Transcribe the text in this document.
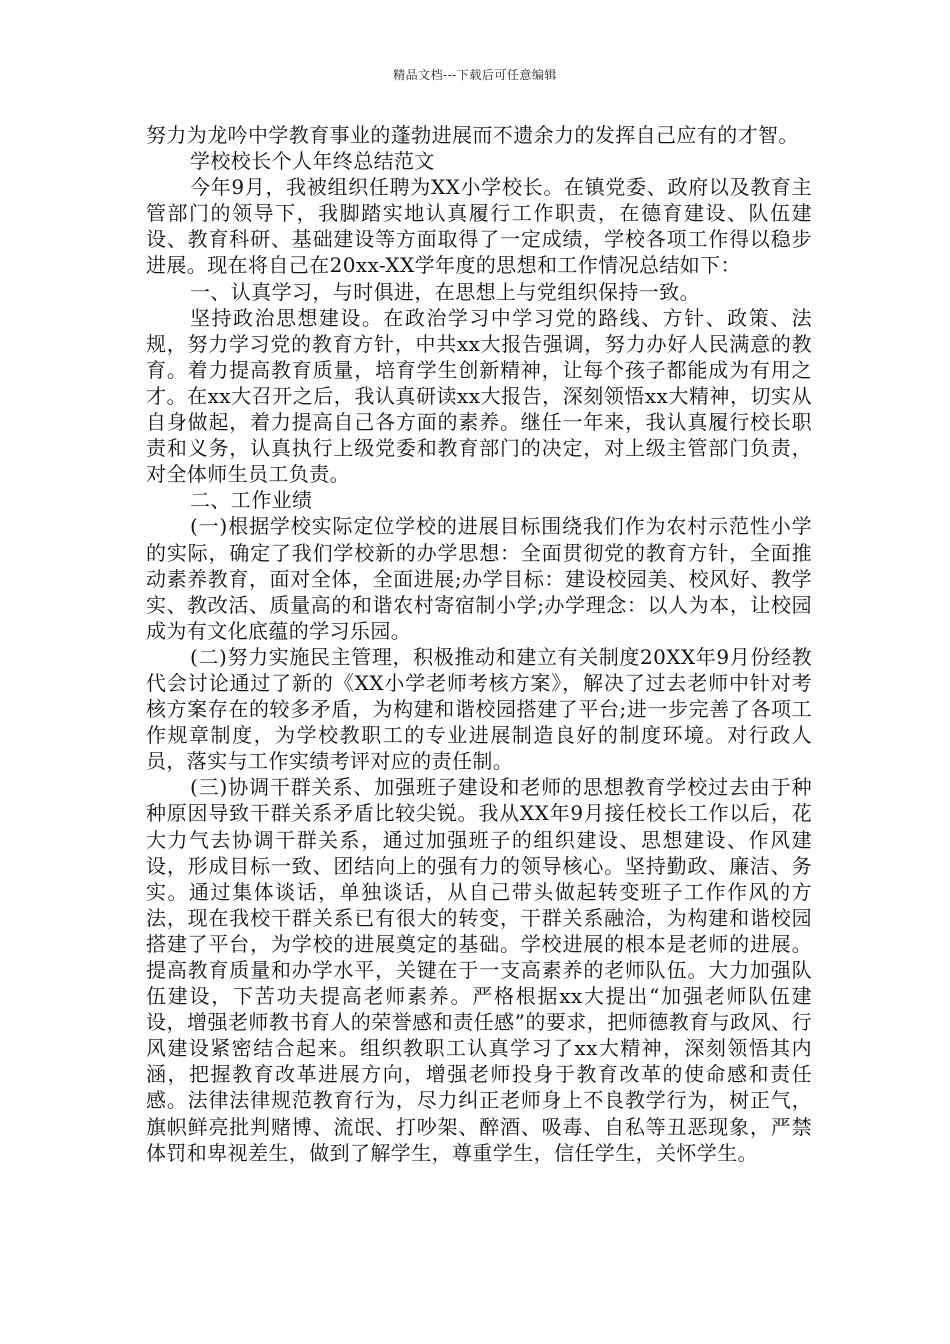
精品文档---下载后可任意编辑

努力为龙吟中学教育事业的蓬勃进展而不遗余力的发挥自己应有的才智。

学校校长个人年终总结范文

今年9月，我被组织任聘为XX小学校长。在镇党委、政府以及教育主管部门的领导下，我脚踏实地认真履行工作职责，在德育建设、队伍建设、教育科研、基础建设等方面取得了一定成绩，学校各项工作得以稳步进展。现在将自己在20xx-XX学年度的思想和工作情况总结如下：

一、认真学习，与时俱进，在思想上与党组织保持一致。

坚持政治思想建设。在政治学习中学习党的路线、方针、政策、法规，努力学习党的教育方针，中共xx大报告强调，努力办好人民满意的教育。着力提高教育质量，培育学生创新精神，让每个孩子都能成为有用之才。在xx大召开之后，我认真研读xx大报告，深刻领悟xx大精神，切实从自身做起，着力提高自己各方面的素养。继任一年来，我认真履行校长职责和义务，认真执行上级党委和教育部门的决定，对上级主管部门负责，对全体师生员工负责。

二、工作业绩

(一)根据学校实际定位学校的进展目标围绕我们作为农村示范性小学的实际，确定了我们学校新的办学思想：全面贯彻党的教育方针，全面推动素养教育，面对全体，全面进展;办学目标：建设校园美、校风好、教学实、教改活、质量高的和谐农村寄宿制小学;办学理念：以人为本，让校园成为有文化底蕴的学习乐园。

(二)努力实施民主管理，积极推动和建立有关制度20XX年9月份经教代会讨论通过了新的《XX小学老师考核方案》，解决了过去老师中针对考核方案存在的较多矛盾，为构建和谐校园搭建了平台;进一步完善了各项工作规章制度，为学校教职工的专业进展制造良好的制度环境。对行政人员，落实与工作实绩考评对应的责任制。

(三)协调干群关系、加强班子建设和老师的思想教育学校过去由于种种原因导致干群关系矛盾比较尖锐。我从XX年9月接任校长工作以后，花大力气去协调干群关系，通过加强班子的组织建设、思想建设、作风建设，形成目标一致、团结向上的强有力的领导核心。坚持勤政、廉洁、务实。通过集体谈话，单独谈话，从自己带头做起转变班子工作作风的方法，现在我校干群关系已有很大的转变，干群关系融洽，为构建和谐校园搭建了平台，为学校的进展奠定的基础。学校进展的根本是老师的进展。提高教育质量和办学水平，关键在于一支高素养的老师队伍。大力加强队伍建设，下苦功夫提高老师素养。严格根据xx大提出“加强老师队伍建设，增强老师教书育人的荣誉感和责任感”的要求，把师德教育与政风、行风建设紧密结合起来。组织教职工认真学习了xx大精神，深刻领悟其内涵，把握教育改革进展方向，增强老师投身于教育改革的使命感和责任感。法律法律规范教育行为，尽力纠正老师身上不良教学行为，树正气，旗帜鲜亮批判赌博、流氓、打吵架、醉酒、吸毒、自私等丑恶现象，严禁体罚和卑视差生，做到了解学生，尊重学生，信任学生，关怀学生。
